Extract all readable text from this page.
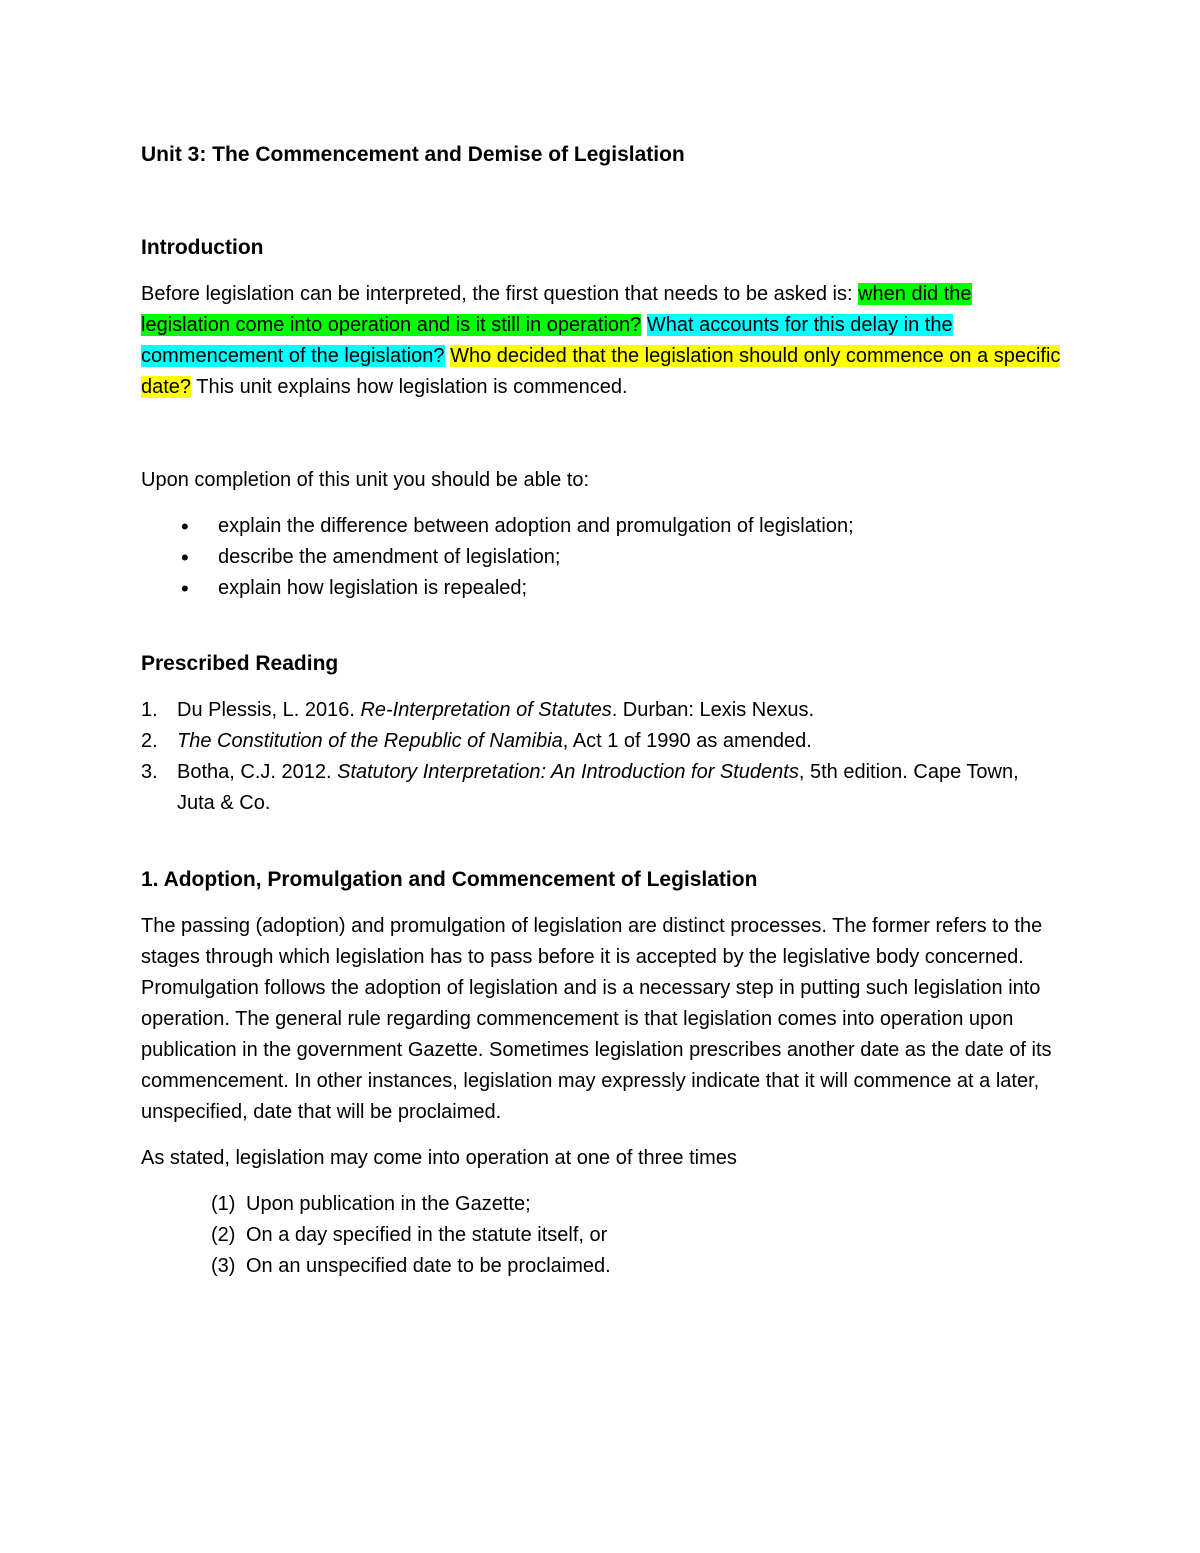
Unit 3: The Commencement and Demise of Legislation
Introduction

Before legislation can be interpreted, the first question that needs to be asked is: when did the legislation come into operation and is it still in operation? What accounts for this delay in the commencement of the legislation? Who decided that the legislation should only commence on a specific date? This unit explains how legislation is commenced.

Upon completion of this unit you should be able to:

• explain the difference between adoption and promulgation of legislation;
• describe the amendment of legislation;
• explain how legislation is repealed;
Prescribed Reading
1. Du Plessis, L. 2016. Re-Interpretation of Statutes. Durban: Lexis Nexus.
2. The Constitution of the Republic of Namibia, Act 1 of 1990 as amended.
3. Botha, C.J. 2012. Statutory Interpretation: An Introduction for Students, 5th edition. Cape Town, Juta & Co.
1. Adoption, Promulgation and Commencement of Legislation

The passing (adoption) and promulgation of legislation are distinct processes. The former refers to the stages through which legislation has to pass before it is accepted by the legislative body concerned. Promulgation follows the adoption of legislation and is a necessary step in putting such legislation into operation. The general rule regarding commencement is that legislation comes into operation upon publication in the government Gazette. Sometimes legislation prescribes another date as the date of its commencement. In other instances, legislation may expressly indicate that it will commence at a later, unspecified, date that will be proclaimed.

As stated, legislation may come into operation at one of three times

(1) Upon publication in the Gazette;
(2) On a day specified in the statute itself, or
(3) On an unspecified date to be proclaimed.
